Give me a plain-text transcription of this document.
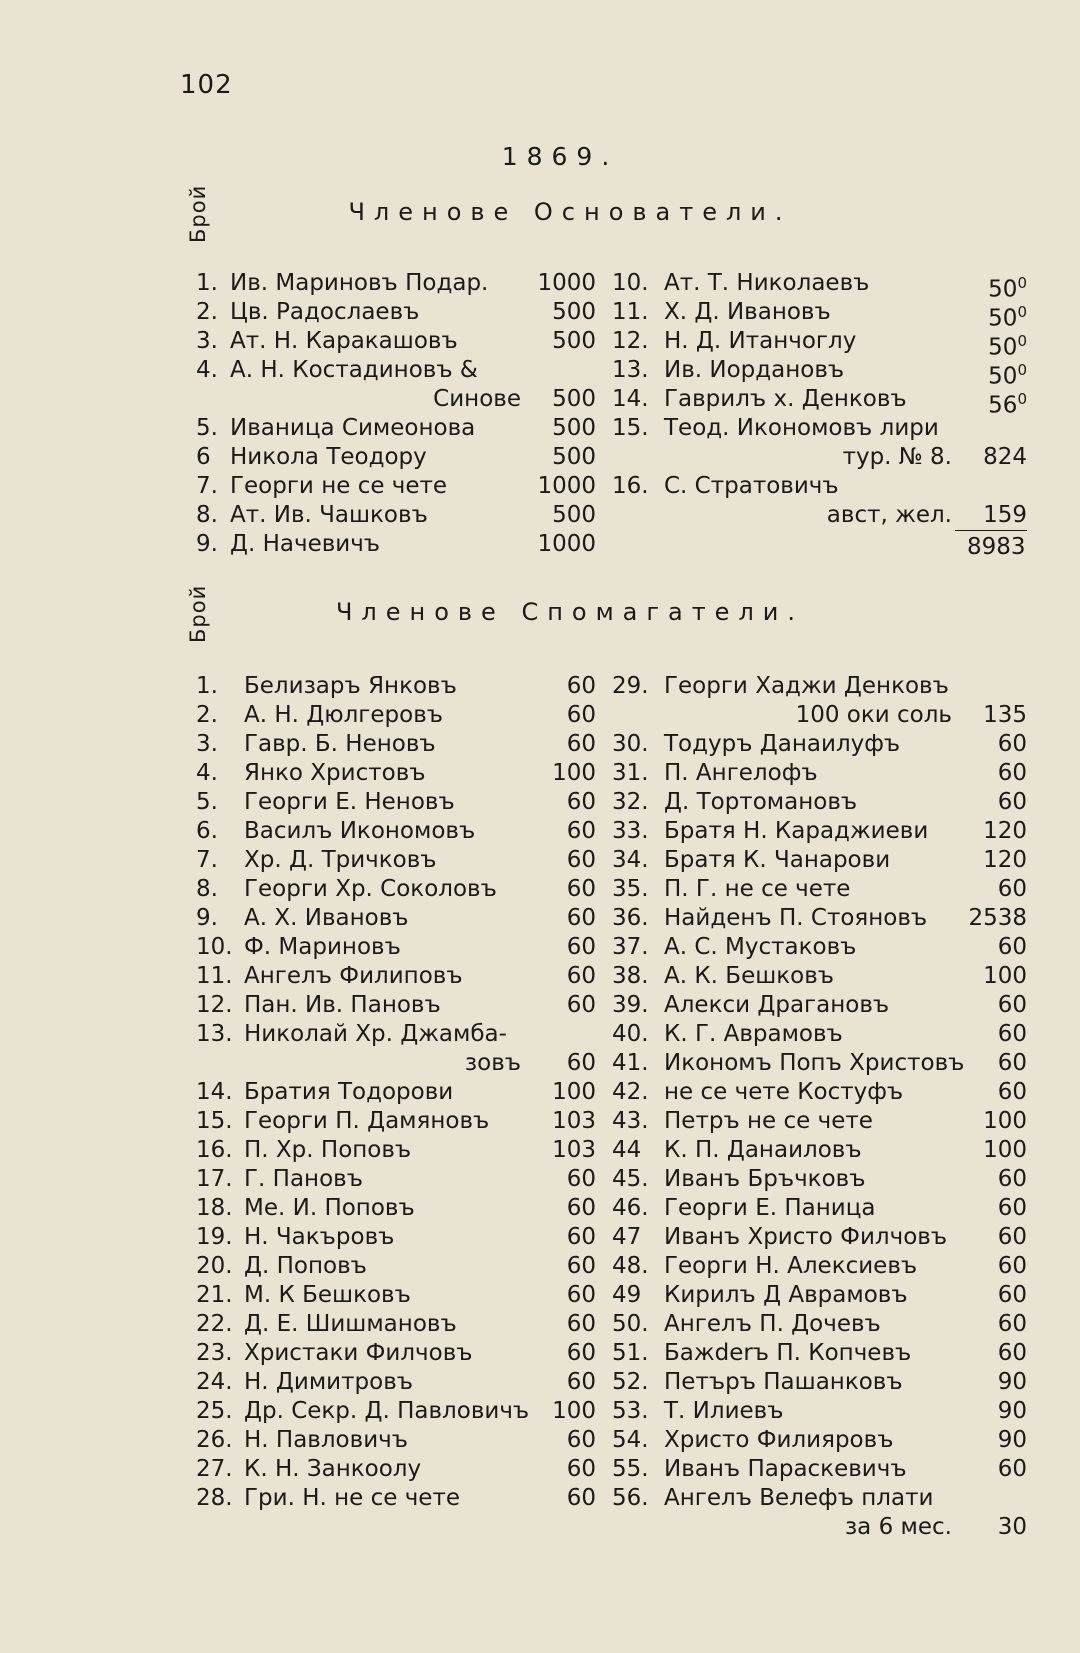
102
1869.
Брой	Членове Основатели.
1. Ив. Мариновъ Подар. 1000
2. Цв. Радослаевъ	500
3. Ат. Н. Каракашовъ	500
4. А. Н. Костадиновъ &
Синове 500
5. Иваница Симеонова	500
6 Никола Теодору	500
7. Георги не се чете	1000
8. Ат. Ив. Чашковъ	500
9. Д. Начевичъ	1000
10. Ат. Т. Николаевъ	$50^0$
11. Х. Д. Ивановъ	$50^0$
12. Н. Д. Итанчоглу	$50^0$
13. Ив. Иордановъ	$50^0$
14. Гаврилъ х. Денковъ	$56^0$
15. Теод. Икономовъ лири
тур. № 8. 824
16. С. Стратовичъ
авст, жел. 159
8983
Брой	Членове Спомагатели.
1. Белизаръ Янковъ	60
2. А. Н. Дюлгеровъ	60
3. Гавр. Б. Неновъ	60
4. Янко Христовъ	100
5. Георги Е. Неновъ	60
6. Василъ Икономовъ	60
7. Хр. Д. Тричковъ	60
8. Георги Хр. Соколовъ	60
9. А. Х. Ивановъ	60
10. Ф. Мариновъ	60
11. Ангелъ Филиповъ	60
12. Пан. Ив. Пановъ	60
13. Николай Хр. Джамба-
зовъ 60
14. Братия Тодорови	100
15. Георги П. Дамяновъ	103
16. П. Хр. Поповъ	103
17. Г. Пановъ	60
18. Ме. И. Поповъ	60
19. Н. Чакъровъ	60
20. Д. Поповъ	60
21. М. К Бешковъ	60
22. Д. Е. Шишмановъ	60
23. Христаки Филчовъ	60
24. Н. Димитровъ	60
25. Др. Секр. Д. Павловичъ 100
26. Н. Павловичъ	60
27. К. Н. Занкоолу	60
28. Гри. Н. не се чете	60
29. Георги Хаджи Денковъ
100 оки соль 135
30. Тодуръ Данаилуфъ	60
31. П. Ангелофъ	60
32. Д. Тортомановъ	60
33. Братя Н. Караджиеви 120
34. Братя К. Чанарови	120
35. П. Г. не се чете	60
36. Найденъ П. Стояновъ 2538
37. А. С. Мустаковъ	60
38. А. К. Бешковъ	100
39. Алекси Драгановъ	60
40. К. Г. Аврамовъ	60
41. Икономъ Попъ Христовъ 60
42. не се чете Костуфъ	60
43. Петръ не се чете	100
44 К. П. Данаиловъ	100
45. Иванъ Бръчковъ	60
46. Георги Е. Паница	60
47 Иванъ Христо Филчовъ 60
48. Георги Н. Алексиевъ	60
49 Кирилъ Д Аврамовъ	60
50. Ангелъ П. Дочевъ	60
51. Бажderъ П. Копчевъ	60
52. Петъръ Пашанковъ	90
53. Т. Илиевъ	90
54. Христо Филияровъ	90
55. Иванъ Параскевичъ	60
56. Ангелъ Велефъ плати
за 6 мес. 30
